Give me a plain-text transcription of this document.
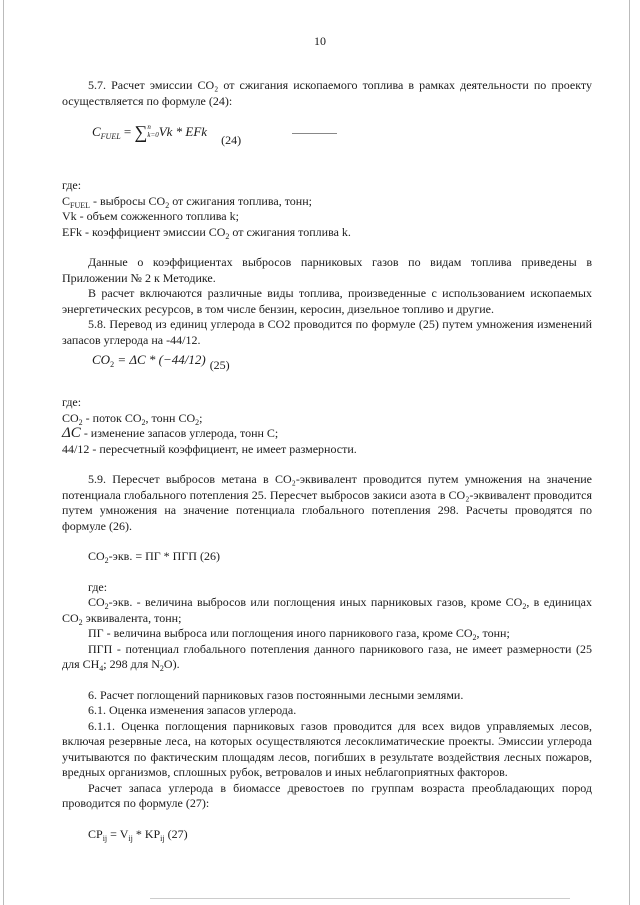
10

5.7. Расчет эмиссии CO₂ от сжигания ископаемого топлива в рамках деятельности по проекту осуществляется по формуле (24):

$C_{FUEL} = \sum n$
k=0Vk * EFk(24)

где:

$C_{FUEL}$ - выбросы $CO_2$ от сжигания топлива, тонн;

Vk - объем сожженного топлива k;

EFk - коэффициент эмиссии $CO_2$ от сжигания топлива k.

Данные о коэффициентах выбросов парниковых газов по видам топлива приведены в Приложении № 2 к Методике.

В расчет включаются различные виды топлива, произведенные с использованием ископаемых энергетических ресурсов, в том числе бензин, керосин, дизельное топливо и другие.

5.8. Перевод из единиц углерода в CO2 проводится по формуле (25) путем умножения изменений запасов углерода на -44/12.

$CO_2 = \Delta C * (-44/12)$ (25)

где:

$CO_2$ - поток $CO_2$, тонн $CO_2$;

ΔC - изменение запасов углерода, тонн C;

44/12 - пересчетный коэффициент, не имеет размерности.

5.9. Пересчет выбросов метана в CO₂-эквивалент проводится путем умножения на значение потенциала глобального потепления 25. Пересчет выбросов закиси азота в CO₂-эквивалент проводится путем умножения на значение потенциала глобального потепления 298. Расчеты проводятся по формуле (26).

$CO_2$-экв. = ПГ * ПГП (26)

где:

$CO_2$-экв. - величина выбросов или поглощения иных парниковых газов, кроме $CO_2$, в единицах $CO_2$ эквивалента, тонн;

ПГ - величина выброса или поглощения иного парникового газа, кроме $CO_2$, тонн;

ПГП - потенциал глобального потепления данного парникового газа, не имеет размерности (25 для $CH_4$; 298 для $N_2O$).

6. Расчет поглощений парниковых газов постоянными лесными землями.

6.1. Оценка изменения запасов углерода.

6.1.1. Оценка поглощения парниковых газов проводится для всех видов управляемых лесов, включая резервные леса, на которых осуществляются лесоклиматические проекты. Эмиссии углерода учитываются по фактическим площадям лесов, погибших в результате воздействия лесных пожаров, вредных организмов, сплошных рубок, ветровалов и иных неблагоприятных факторов.

Расчет запаса углерода в биомассе древостоев по группам возраста преобладающих пород проводится по формуле (27):

$CP_{ij} = V_{ij} * KP_{ij}$ (27)
